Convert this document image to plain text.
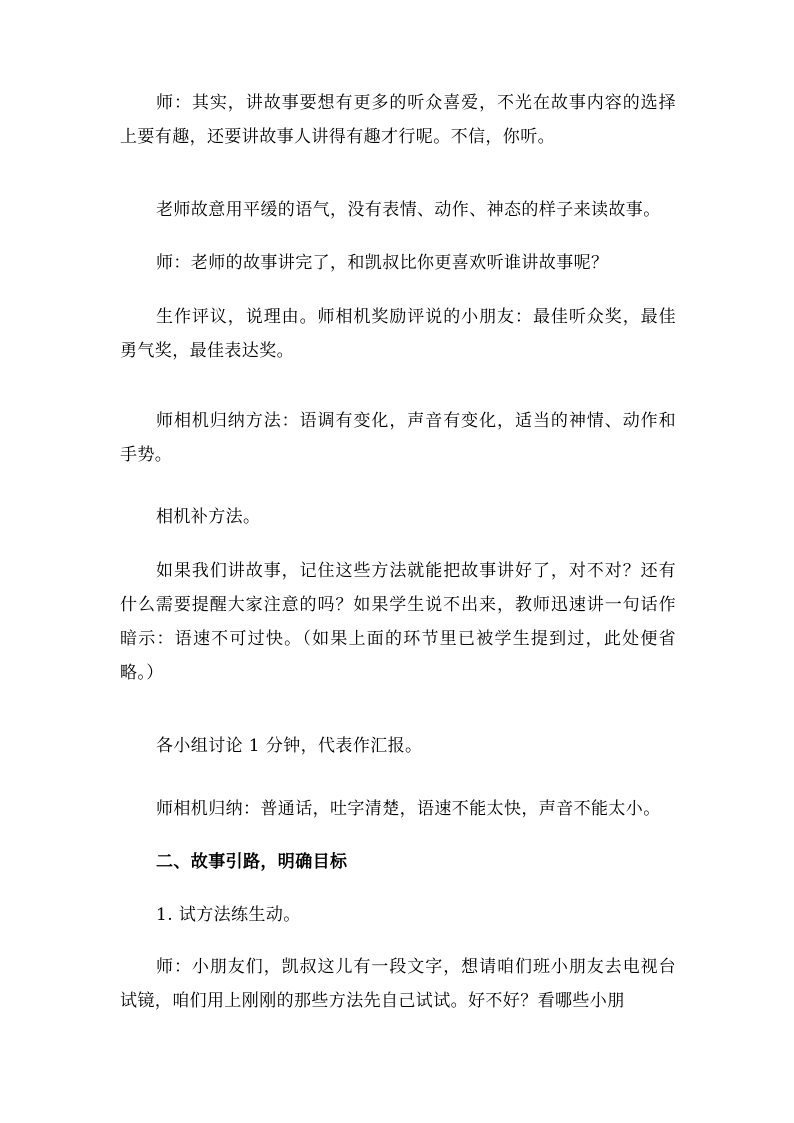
师：其实，讲故事要想有更多的听众喜爱，不光在故事内容的选择上要有趣，还要讲故事人讲得有趣才行呢。不信，你听。

老师故意用平缓的语气，没有表情、动作、神态的样子来读故事。

师：老师的故事讲完了，和凯叔比你更喜欢听谁讲故事呢？

生作评议，说理由。师相机奖励评说的小朋友：最佳听众奖，最佳勇气奖，最佳表达奖。

师相机归纳方法：语调有变化，声音有变化，适当的神情、动作和手势。

相机补方法。

如果我们讲故事，记住这些方法就能把故事讲好了，对不对？还有什么需要提醒大家注意的吗？如果学生说不出来，教师迅速讲一句话作暗示：语速不可过快。（如果上面的环节里已被学生提到过，此处便省略。）

各小组讨论 1 分钟，代表作汇报。

师相机归纳：普通话，吐字清楚，语速不能太快，声音不能太小。

二、故事引路，明确目标

1. 试方法练生动。

师：小朋友们，凯叔这儿有一段文字，想请咱们班小朋友去电视台试镜，咱们用上刚刚的那些方法先自己试试。好不好？看哪些小朋
